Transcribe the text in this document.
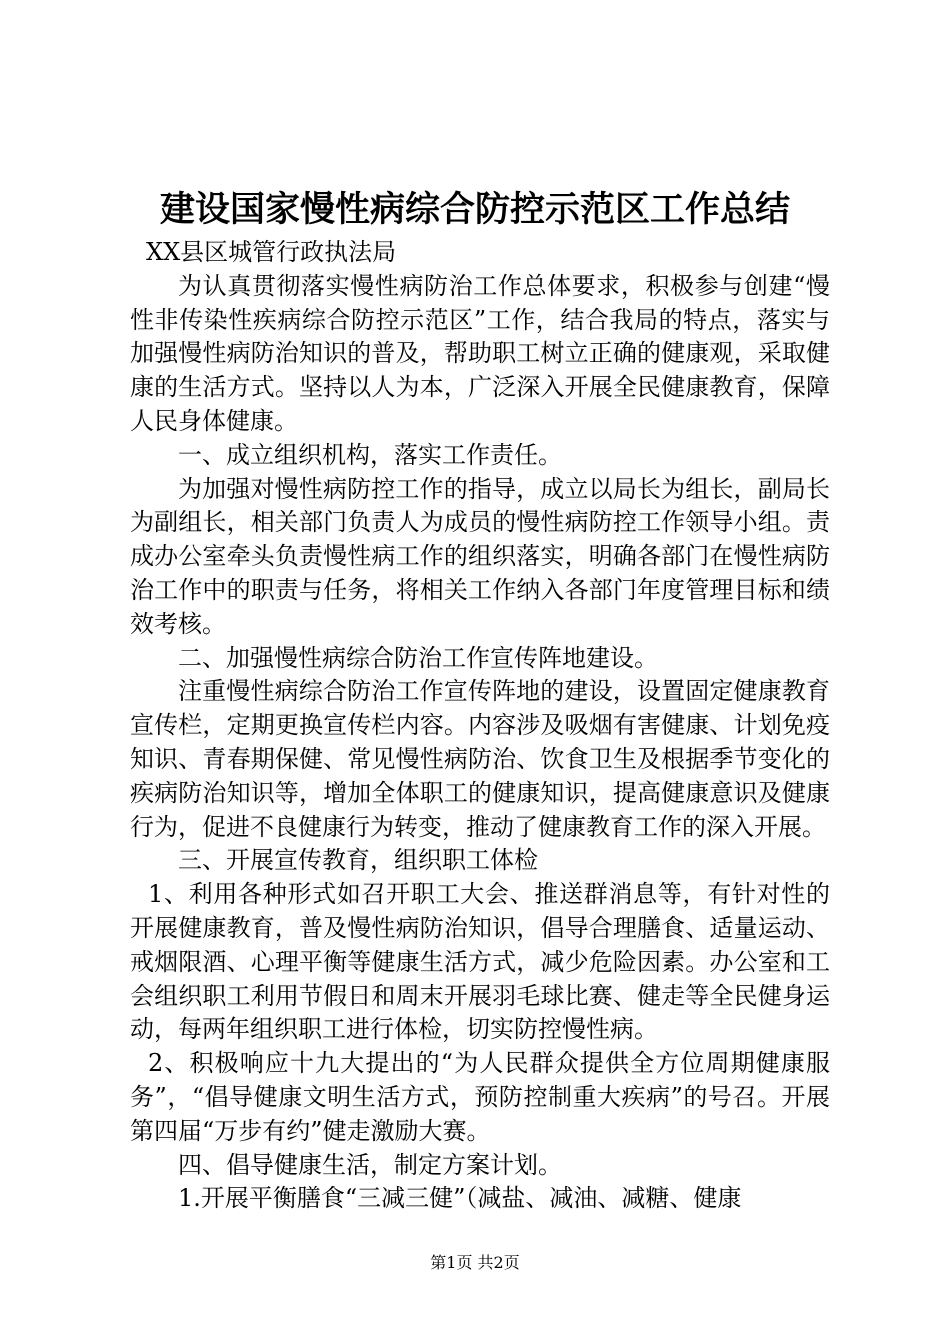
建设国家慢性病综合防控示范区工作总结

XX县区城管行政执法局

为认真贯彻落实慢性病防治工作总体要求，积极参与创建“慢性非传染性疾病综合防控示范区”工作，结合我局的特点，落实与加强慢性病防治知识的普及，帮助职工树立正确的健康观，采取健康的生活方式。坚持以人为本，广泛深入开展全民健康教育，保障人民身体健康。

一、成立组织机构，落实工作责任。

为加强对慢性病防控工作的指导，成立以局长为组长，副局长为副组长，相关部门负责人为成员的慢性病防控工作领导小组。责成办公室牵头负责慢性病工作的组织落实，明确各部门在慢性病防治工作中的职责与任务，将相关工作纳入各部门年度管理目标和绩效考核。

二、加强慢性病综合防治工作宣传阵地建设。

注重慢性病综合防治工作宣传阵地的建设，设置固定健康教育宣传栏，定期更换宣传栏内容。内容涉及吸烟有害健康、计划免疫知识、青春期保健、常见慢性病防治、饮食卫生及根据季节变化的疾病防治知识等，增加全体职工的健康知识，提高健康意识及健康行为，促进不良健康行为转变，推动了健康教育工作的深入开展。

三、开展宣传教育，组织职工体检

1、利用各种形式如召开职工大会、推送群消息等，有针对性的开展健康教育，普及慢性病防治知识，倡导合理膳食、适量运动、戒烟限酒、心理平衡等健康生活方式，减少危险因素。办公室和工会组织职工利用节假日和周末开展羽毛球比赛、健走等全民健身运动，每两年组织职工进行体检，切实防控慢性病。

2、积极响应十九大提出的“为人民群众提供全方位周期健康服务”，“倡导健康文明生活方式，预防控制重大疾病”的号召。开展第四届“万步有约”健走激励大赛。

四、倡导健康生活，制定方案计划。

1.开展平衡膳食“三减三健”（减盐、减油、减糖、健康

第1页 共2页
